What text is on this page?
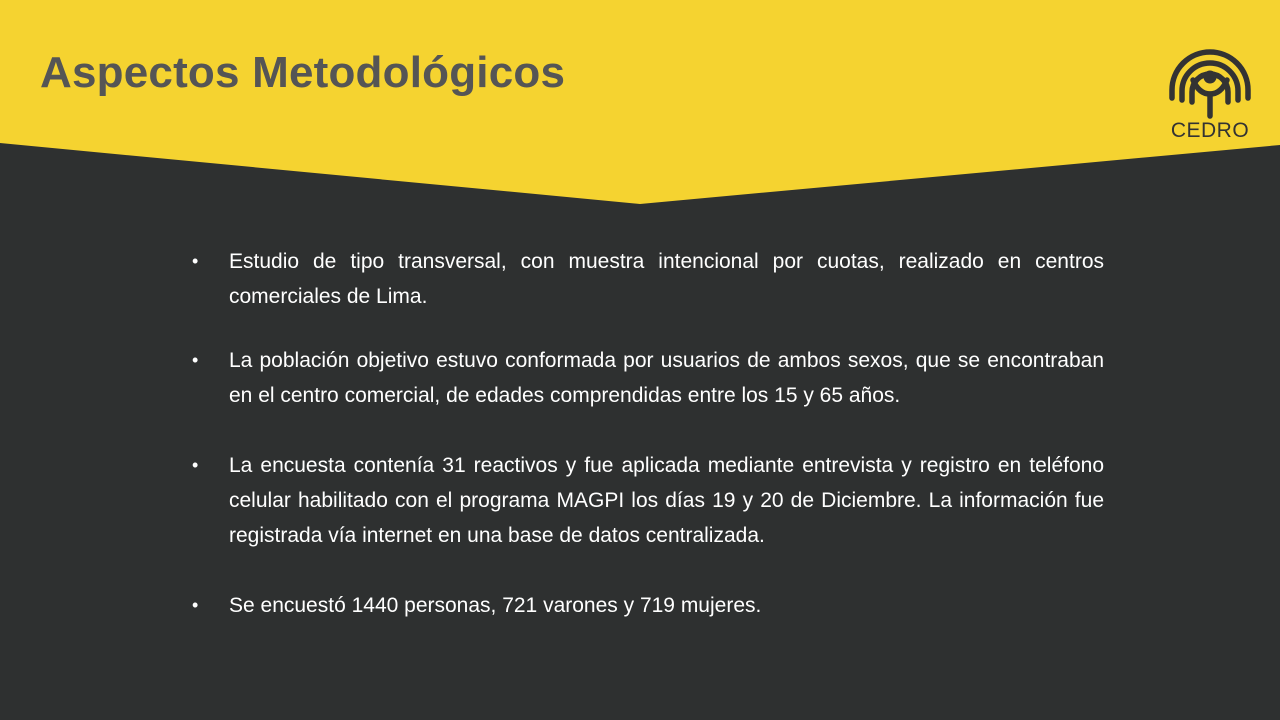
Aspectos Metodológicos
CEDRO
• Estudio de tipo transversal, con muestra intencional por cuotas, realizado en centros comerciales de Lima.
• La población objetivo estuvo conformada por usuarios de ambos sexos, que se encontraban en el centro comercial, de edades comprendidas entre los 15 y 65 años.
• La encuesta contenía 31 reactivos y fue aplicada mediante entrevista y registro en teléfono celular habilitado con el programa MAGPI los días 19 y 20 de Diciembre. La información fue registrada vía internet en una base de datos centralizada.
• Se encuestó 1440 personas, 721 varones y 719 mujeres.
